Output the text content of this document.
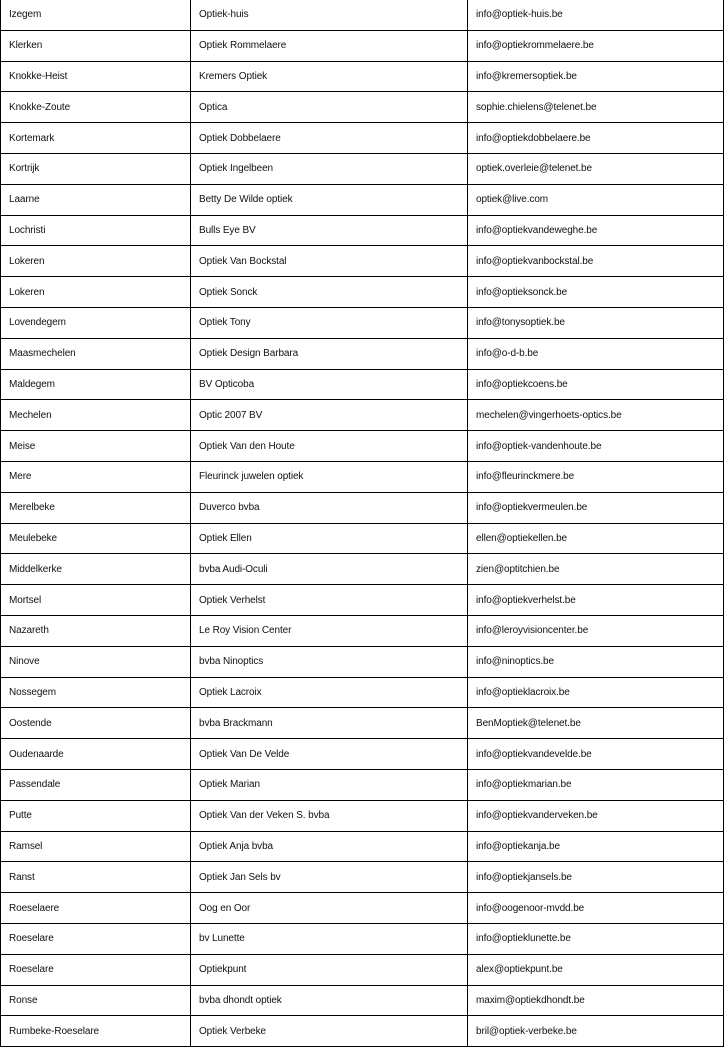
Izegem	Optiek-huis	info@optiek-huis.be
Klerken	Optiek Rommelaere	info@optiekrommelaere.be
Knokke-Heist	Kremers Optiek	info@kremersoptiek.be
Knokke-Zoute	Optica	sophie.chielens@telenet.be
Kortemark	Optiek Dobbelaere	info@optiekdobbelaere.be
Kortrijk	Optiek Ingelbeen	optiek.overleie@telenet.be
Laarne	Betty De Wilde optiek	optiek@live.com
Lochristi	Bulls Eye BV	info@optiekvandeweghe.be
Lokeren	Optiek Van Bockstal	info@optiekvanbockstal.be
Lokeren	Optiek Sonck	info@optieksonck.be
Lovendegem	Optiek Tony	info@tonysoptiek.be
Maasmechelen	Optiek Design Barbara	info@o-d-b.be
Maldegem	BV Opticoba	info@optiekcoens.be
Mechelen	Optic 2007 BV	mechelen@vingerhoets-optics.be
Meise	Optiek Van den Houte	info@optiek-vandenhoute.be
Mere	Fleurinck juwelen optiek	info@fleurinckmere.be
Merelbeke	Duverco bvba	info@optiekvermeulen.be
Meulebeke	Optiek Ellen	ellen@optiekellen.be
Middelkerke	bvba Audi-Oculi	zien@optitchien.be
Mortsel	Optiek Verhelst	info@optiekverhelst.be
Nazareth	Le Roy Vision Center	info@leroyvisioncenter.be
Ninove	bvba Ninoptics	info@ninoptics.be
Nossegem	Optiek Lacroix	info@optieklacroix.be
Oostende	bvba Brackmann	BenMoptiek@telenet.be
Oudenaarde	Optiek Van De Velde	info@optiekvandevelde.be
Passendale	Optiek Marian	info@optiekmarian.be
Putte	Optiek Van der Veken S. bvba	info@optiekvanderveken.be
Ramsel	Optiek Anja bvba	info@optiekanja.be
Ranst	Optiek Jan Sels bv	info@optiekjansels.be
Roeselaere	Oog en Oor	info@oogenoor-mvdd.be
Roeselare	bv Lunette	info@optieklunette.be
Roeselare	Optiekpunt	alex@optiekpunt.be
Ronse	bvba dhondt optiek	maxim@optiekdhondt.be
Rumbeke-Roeselare	Optiek Verbeke	bril@optiek-verbeke.be
